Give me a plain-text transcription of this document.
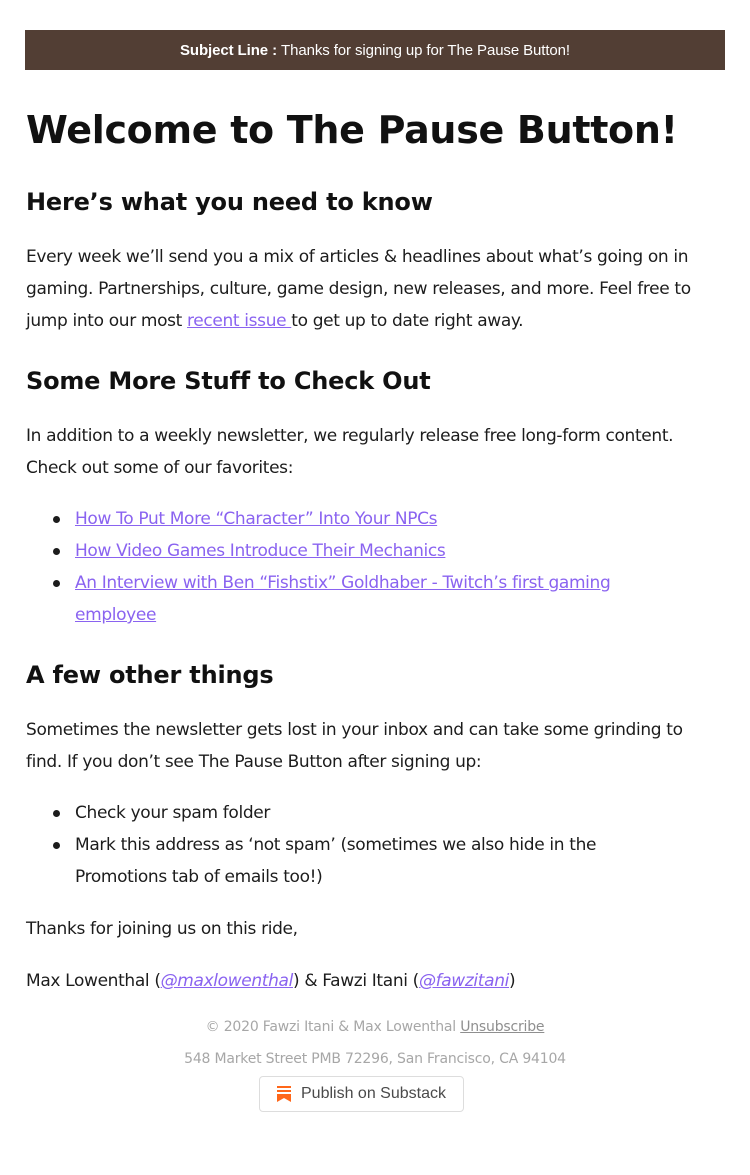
Subject Line :
Thanks for signing up for The Pause Button!
Welcome to The Pause Button!
Here’s what you need to know

Every week we’ll send you a mix of articles & headlines about what’s going on in gaming. Partnerships, culture, game design, new releases, and more. Feel free to jump into our most recent issue to get up to date right away.

Some More Stuff to Check Out

In addition to a weekly newsletter, we regularly release free long-form content. Check out some of our favorites:

How To Put More “Character” Into Your NPCs
How Video Games Introduce Their Mechanics
An Interview with Ben “Fishstix” Goldhaber - Twitch’s first gaming employee
A few other things

Sometimes the newsletter gets lost in your inbox and can take some grinding to find. If you don’t see The Pause Button after signing up:

Check your spam folder
Mark this address as ‘not spam’ (sometimes we also hide in the Promotions tab of emails too!)

Thanks for joining us on this ride,

Max Lowenthal (@maxlowenthal) & Fawzi Itani (@fawzitani)

© 2020 Fawzi Itani & Max Lowenthal Unsubscribe
548 Market Street PMB 72296, San Francisco, CA 94104
Publish on Substack
